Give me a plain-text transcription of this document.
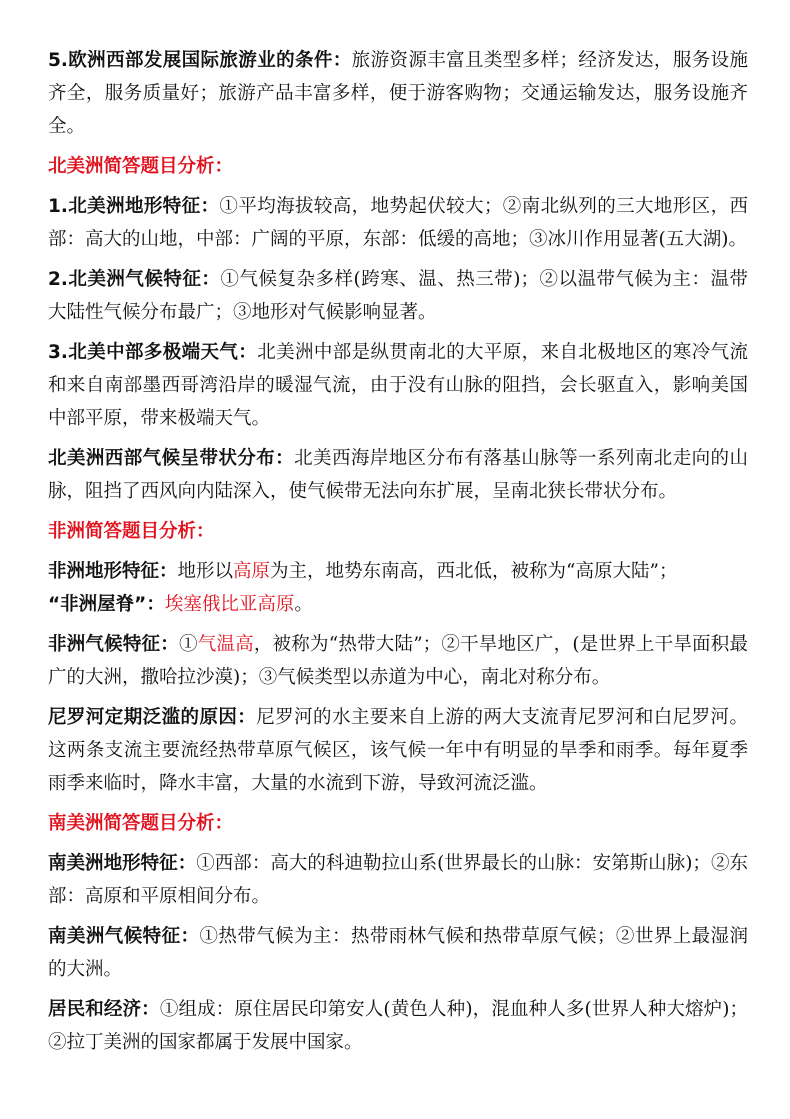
5.欧洲西部发展国际旅游业的条件：旅游资源丰富且类型多样；经济发达，服务设施齐全，服务质量好；旅游产品丰富多样，便于游客购物；交通运输发达，服务设施齐全。

北美洲简答题目分析：

1.北美洲地形特征：①平均海拔较高，地势起伏较大；②南北纵列的三大地形区，西部：高大的山地，中部：广阔的平原，东部：低缓的高地；③冰川作用显著(五大湖)。

2.北美洲气候特征：①气候复杂多样(跨寒、温、热三带)；②以温带气候为主：温带大陆性气候分布最广；③地形对气候影响显著。

3.北美中部多极端天气：北美洲中部是纵贯南北的大平原，来自北极地区的寒冷气流和来自南部墨西哥湾沿岸的暖湿气流，由于没有山脉的阻挡，会长驱直入，影响美国中部平原，带来极端天气。

北美洲西部气候呈带状分布：北美西海岸地区分布有落基山脉等一系列南北走向的山脉，阻挡了西风向内陆深入，使气候带无法向东扩展，呈南北狭长带状分布。

非洲简答题目分析：

非洲地形特征：地形以高原为主，地势东南高，西北低，被称为“高原大陆”；

“非洲屋脊”：埃塞俄比亚高原。

非洲气候特征：①气温高，被称为“热带大陆”；②干旱地区广，(是世界上干旱面积最广的大洲，撒哈拉沙漠)；③气候类型以赤道为中心，南北对称分布。

尼罗河定期泛滥的原因：尼罗河的水主要来自上游的两大支流青尼罗河和白尼罗河。这两条支流主要流经热带草原气候区，该气候一年中有明显的旱季和雨季。每年夏季雨季来临时，降水丰富，大量的水流到下游，导致河流泛滥。

南美洲简答题目分析：

南美洲地形特征：①西部：高大的科迪勒拉山系(世界最长的山脉：安第斯山脉)；②东部：高原和平原相间分布。

南美洲气候特征：①热带气候为主：热带雨林气候和热带草原气候；②世界上最湿润的大洲。

居民和经济：①组成：原住居民印第安人(黄色人种)，混血种人多(世界人种大熔炉)；②拉丁美洲的国家都属于发展中国家。
